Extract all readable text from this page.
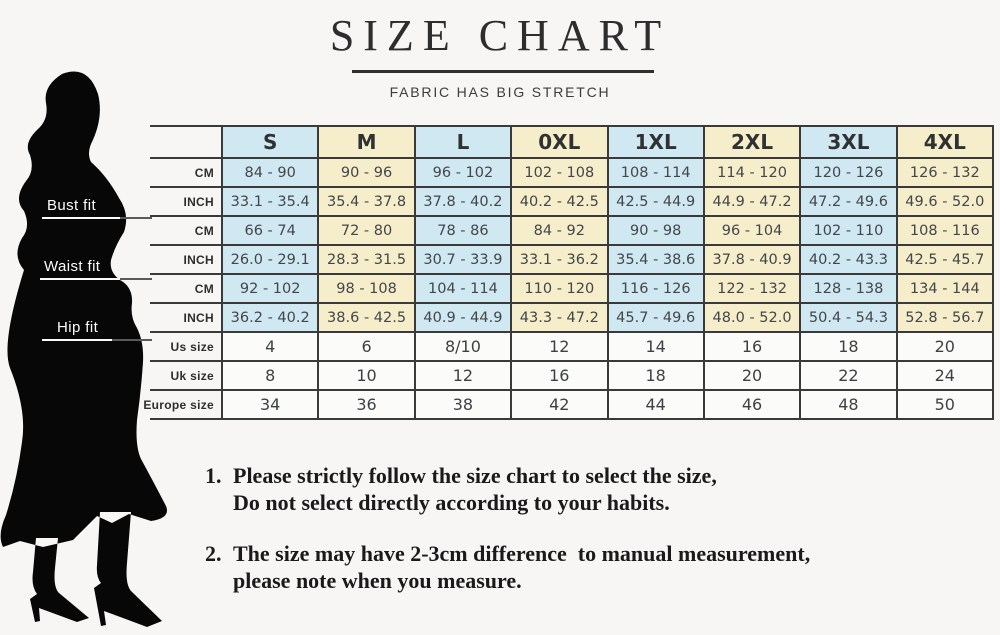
SIZE CHART
FABRIC HAS BIG STRETCH
Bust fit
Waist fit
Hip fit
	S	M	L	0XL	1XL	2XL	3XL	4XL
CM	84 - 90	90 - 96	96 - 102	102 - 108	108 - 114	114 - 120	120 - 126	126 - 132
INCH	33.1 - 35.4	35.4 - 37.8	37.8 - 40.2	40.2 - 42.5	42.5 - 44.9	44.9 - 47.2	47.2 - 49.6	49.6 - 52.0
CM	66 - 74	72 - 80	78 - 86	84 - 92	90 - 98	96 - 104	102 - 110	108 - 116
INCH	26.0 - 29.1	28.3 - 31.5	30.7 - 33.9	33.1 - 36.2	35.4 - 38.6	37.8 - 40.9	40.2 - 43.3	42.5 - 45.7
CM	92 - 102	98 - 108	104 - 114	110 - 120	116 - 126	122 - 132	128 - 138	134 - 144
INCH	36.2 - 40.2	38.6 - 42.5	40.9 - 44.9	43.3 - 47.2	45.7 - 49.6	48.0 - 52.0	50.4 - 54.3	52.8 - 56.7
Us size	4	6	8/10	12	14	16	18	20
Uk size	8	10	12	16	18	20	22	24
Europe size	34	36	38	42	44	46	48	50
1. Please strictly follow the size chart to select the size,
Do not select directly according to your habits.
2. The size may have 2-3cm difference  to manual measurement,
please note when you measure.
